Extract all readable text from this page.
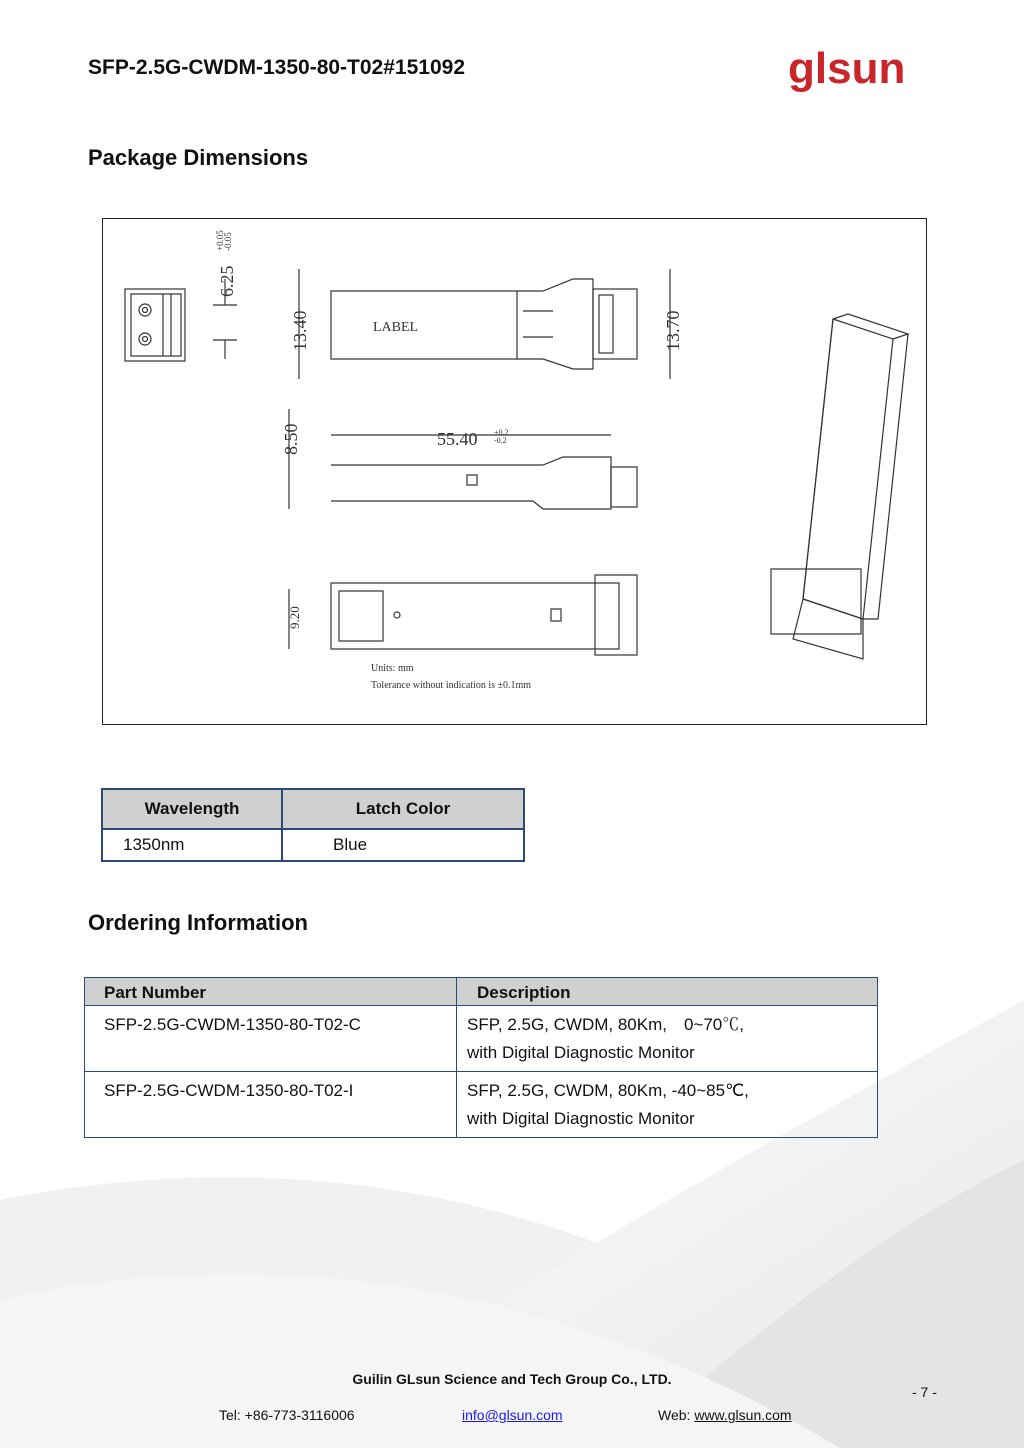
SFP-2.5G-CWDM-1350-80-T02#151092	glsun
Package Dimensions
6.25
+0.05
-0.05
13.40	LABEL	13.70
8.50	55.40 +0.2
-0.2
9.20
Units: mm
Tolerance without indication is ±0.1mm
Wavelength	Latch Color
1350nm	Blue
Ordering Information
Part Number	Description
SFP-2.5G-CWDM-1350-80-T02-C	SFP, 2.5G, CWDM, 80Km,　0~70℃,
with Digital Diagnostic Monitor

SFP-2.5G-CWDM-1350-80-T02-I	SFP, 2.5G, CWDM, 80Km, -40~85℃,
with Digital Diagnostic Monitor
Guilin GLsun Science and Tech Group Co., LTD.
- 7 -
Tel: +86-773-3116006	info@glsun.com	Web: www.glsun.com
